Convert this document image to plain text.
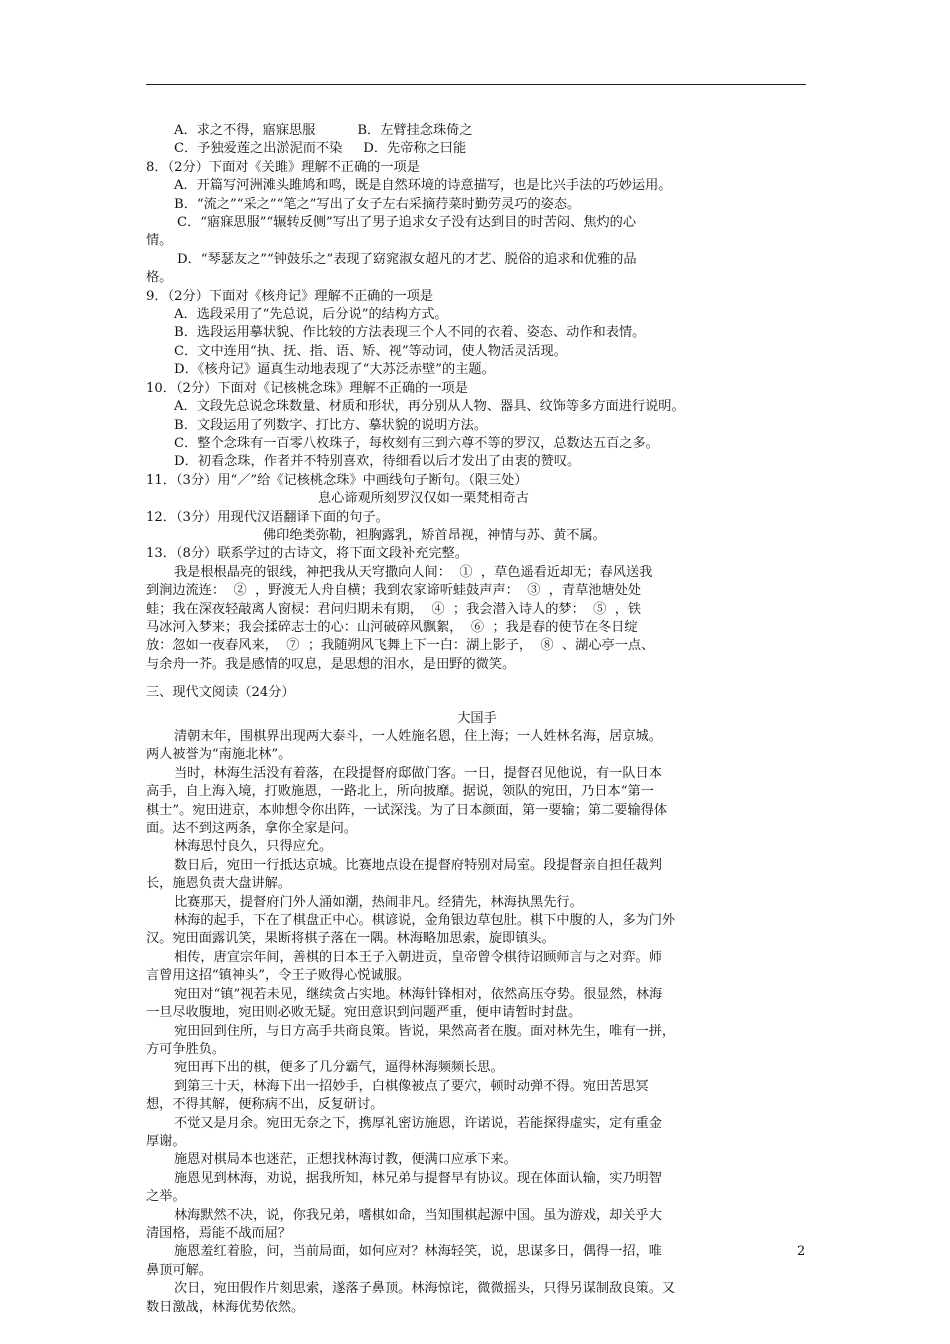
A．求之不得，寤寐思服          B．左臂挂念珠倚之

C．予独爱莲之出淤泥而不染     D．先帝称之曰能

8．（2分）下面对《关雎》理解不正确的一项是

A．开篇写河洲滩头雎鸠和鸣，既是自然环境的诗意描写，也是比兴手法的巧妙运用。

B．“流之”“采之”“笔之”写出了女子左右采摘荇菜时勤劳灵巧的姿态。

C．“寤寐思服”“辗转反侧”写出了男子追求女子没有达到目的时苦闷、焦灼的心

情。

D．“琴瑟友之”“钟鼓乐之”表现了窈窕淑女超凡的才艺、脱俗的追求和优雅的品

格。

9．（2分）下面对《核舟记》理解不正确的一项是

A．选段采用了“先总说，后分说”的结构方式。

B．选段运用摹状貌、作比较的方法表现三个人不同的衣着、姿态、动作和表情。

C．文中连用“执、抚、指、语、矫、视”等动词，使人物活灵活现。

D．《核舟记》逼真生动地表现了“大苏泛赤壁”的主题。

10．（2分）下面对《记核桃念珠》理解不正确的一项是

A．文段先总说念珠数量、材质和形状，再分别从人物、器具、纹饰等多方面进行说明。

B．文段运用了列数字、打比方、摹状貌的说明方法。

C．整个念珠有一百零八枚珠子，每枚刻有三到六尊不等的罗汉，总数达五百之多。

D．初看念珠，作者并不特别喜欢，待细看以后才发出了由衷的赞叹。

11．（3分）用“／”给《记核桃念珠》中画线句子断句。（限三处）

息心谛观所刻罗汉仅如一栗梵相奇古

12．（3分）用现代汉语翻译下面的句子。

佛印绝类弥勒，袒胸露乳，矫首昂视，神情与苏、黄不属。

13．（8分）联系学过的古诗文，将下面文段补充完整。

我是根根晶亮的银线，神把我从天穹撒向人间：  ①  ，草色遥看近却无；春风送我

到涧边流连：  ②  ，野渡无人舟自横；我到农家谛听蛙鼓声声：  ③  ，青草池塘处处

蛙；我在深夜轻敲离人窗棂：君问归期未有期，  ④  ；我会潜入诗人的梦：  ⑤  ，铁

马冰河入梦来；我会揉碎志士的心：山河破碎风飘絮，  ⑥  ；我是春的使节在冬日绽

放：忽如一夜春风来，  ⑦  ；我随朔风飞舞上下一白：湖上影子，  ⑧  、湖心亭一点、

与余舟一芥。我是感情的叹息，是思想的泪水，是田野的微笑。

三、现代文阅读（24分）

大国手

清朝末年，围棋界出现两大泰斗，一人姓施名恩，住上海；一人姓林名海，居京城。

两人被誉为“南施北林”。

当时，林海生活没有着落，在段提督府邸做门客。一日，提督召见他说，有一队日本

高手，自上海入境，打败施恩，一路北上，所向披靡。据说，领队的宛田，乃日本“第一

棋士”。宛田进京，本帅想令你出阵，一试深浅。为了日本颜面，第一要输；第二要输得体

面。达不到这两条，拿你全家是问。

林海思忖良久，只得应允。

数日后，宛田一行抵达京城。比赛地点设在提督府特别对局室。段提督亲自担任裁判

长，施恩负责大盘讲解。

比赛那天，提督府门外人涌如潮，热闹非凡。经猜先，林海执黑先行。

林海的起手，下在了棋盘正中心。棋谚说，金角银边草包肚。棋下中腹的人，多为门外

汉。宛田面露讥笑，果断将棋子落在一隅。林海略加思索，旋即镇头。

相传，唐宣宗年间，善棋的日本王子入朝进贡，皇帝曾令棋待诏顾师言与之对弈。师

言曾用这招“镇神头”，令王子败得心悦诚服。

宛田对“镇”视若未见，继续贪占实地。林海针锋相对，依然高压夺势。很显然，林海

一旦尽收腹地，宛田则必败无疑。宛田意识到问题严重，便申请暂时封盘。

宛田回到住所，与日方高手共商良策。皆说，果然高者在腹。面对林先生，唯有一拼，

方可争胜负。

宛田再下出的棋，便多了几分霸气，逼得林海频频长思。

到第三十天，林海下出一招妙手，白棋像被点了要穴，顿时动弹不得。宛田苦思冥

想，不得其解，便称病不出，反复研讨。

不觉又是月余。宛田无奈之下，携厚礼密访施恩，许诺说，若能探得虚实，定有重金

厚谢。

施恩对棋局本也迷茫，正想找林海讨教，便满口应承下来。

施恩见到林海，劝说，据我所知，林兄弟与提督早有协议。现在体面认输，实乃明智

之举。

林海默然不决，说，你我兄弟，嗜棋如命，当知围棋起源中国。虽为游戏，却关乎大

清国格，焉能不战而屈？

施恩羞红着脸，问，当前局面，如何应对？林海轻笑，说，思谋多日，偶得一招，唯

鼻顶可解。

次日，宛田假作片刻思索，遂落子鼻顶。林海惊诧，微微摇头，只得另谋制敌良策。又

数日激战，林海优势依然。

2
